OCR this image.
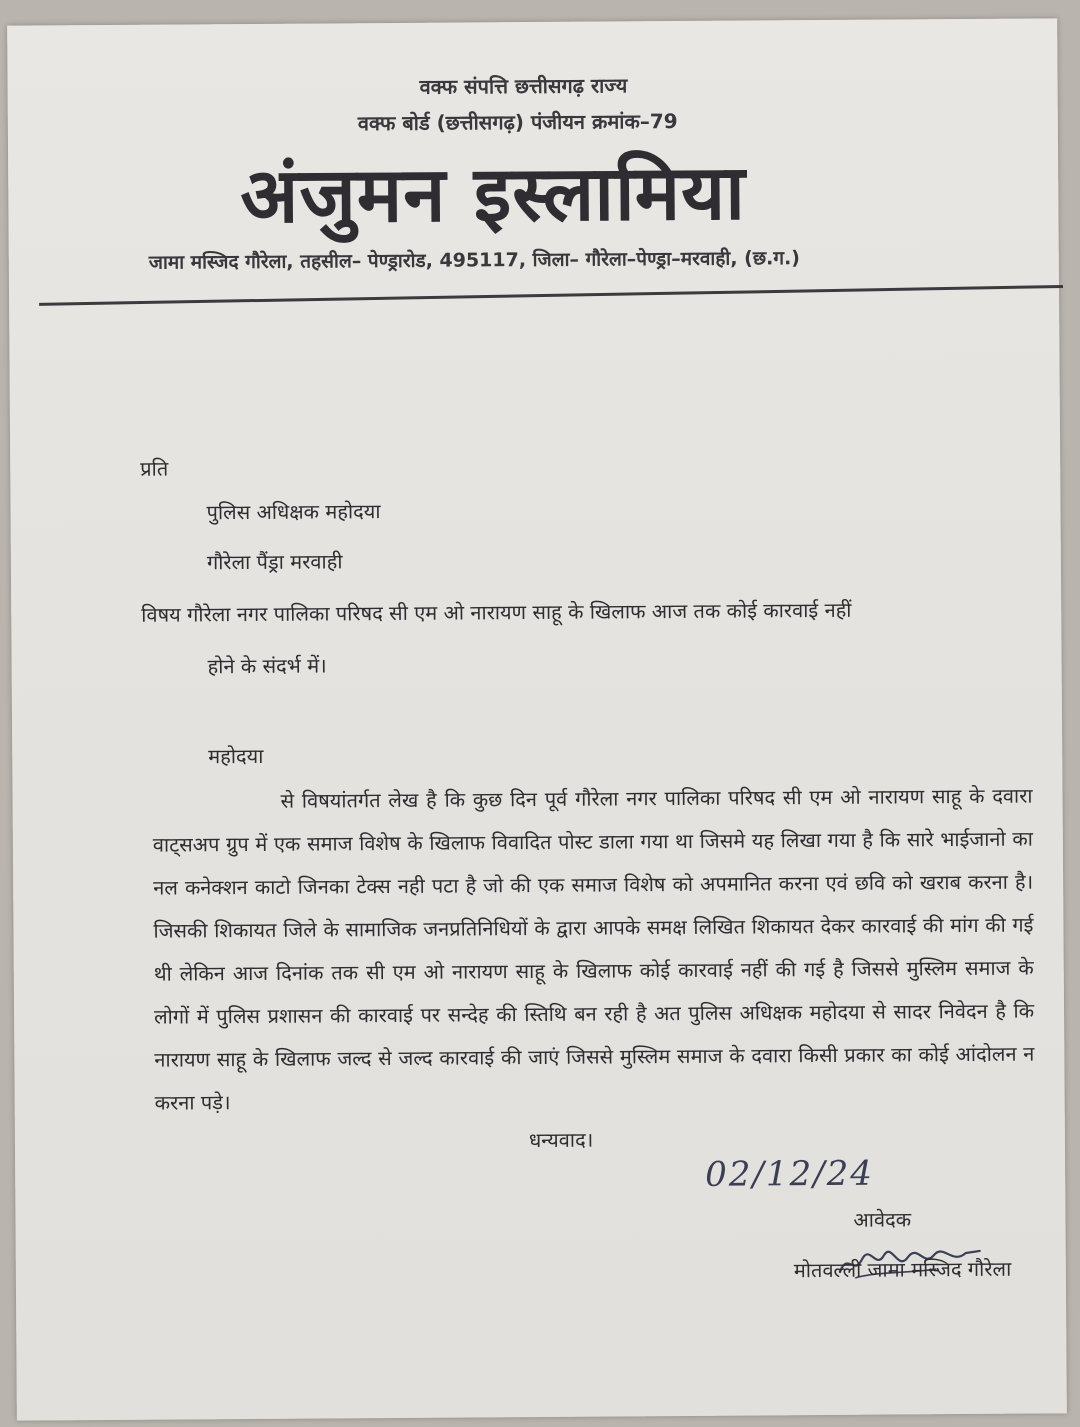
वक्फ संपत्ति छत्तीसगढ़ राज्य
वक्फ बोर्ड (छत्तीसगढ़) पंजीयन क्रमांक–79
अंजुमन इस्लामिया
जामा मस्जिद गौरेला, तहसील– पेण्ड्रारोड, 495117, जिला– गौरेला–पेण्ड्रा–मरवाही, (छ.ग.)
प्रति
पुलिस अधिक्षक महोदया
गौरेला पैंड्रा मरवाही
विषय गौरेला नगर पालिका परिषद सी एम ओ नारायण साहू के खिलाफ आज तक कोई कारवाई नहीं
होने के संदर्भ में।
महोदया

से विषयांतर्गत लेख है कि कुछ दिन पूर्व गौरेला नगर पालिका परिषद सी एम ओ नारायण साहू के दवारा वाट्सअप ग्रुप में एक समाज विशेष के खिलाफ विवादित पोस्ट डाला गया था जिसमे यह लिखा गया है कि सारे भाईजानो का नल कनेक्शन काटो जिनका टेक्स नही पटा है जो की एक समाज विशेष को अपमानित करना एवं छवि को खराब करना है। जिसकी शिकायत जिले के सामाजिक जनप्रतिनिधियों के द्वारा आपके समक्ष लिखित शिकायत देकर कारवाई की मांग की गई थी लेकिन आज दिनांक तक सी एम ओ नारायण साहू के खिलाफ कोई कारवाई नहीं की गई है जिससे मुस्लिम समाज के लोगों में पुलिस प्रशासन की कारवाई पर सन्देह की स्तिथि बन रही है अत पुलिस अधिक्षक महोदया से सादर निवेदन है कि नारायण साहू के खिलाफ जल्द से जल्द कारवाई की जाएं जिससे मुस्लिम समाज के दवारा किसी प्रकार का कोई आंदोलन न करना पड़े।

धन्यवाद।
02/12/24
आवेदक
मोतवल्ली जामा मस्जिद गौरेला
